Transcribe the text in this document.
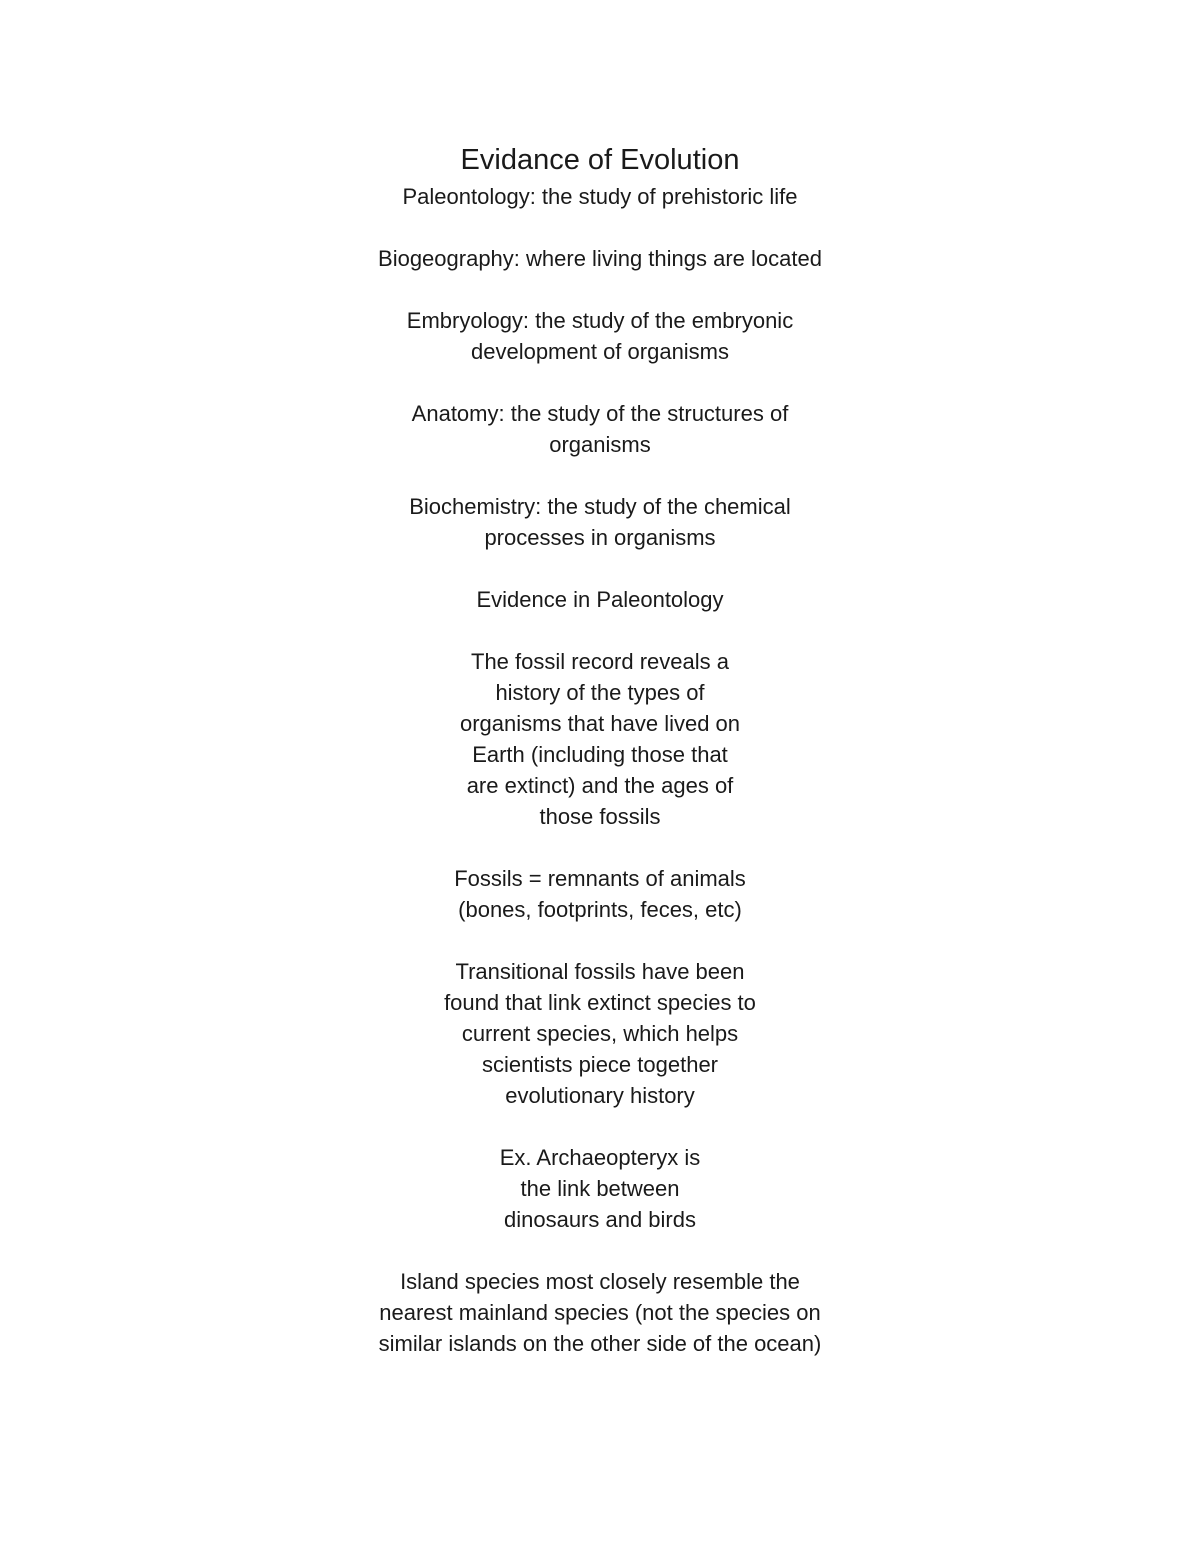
Evidance of Evolution
Paleontology: the study of prehistoric life
Biogeography: where living things are located
Embryology: the study of the embryonic
development of organisms
Anatomy: the study of the structures of
organisms
Biochemistry: the study of the chemical
processes in organisms
Evidence in Paleontology
The fossil record reveals a
history of the types of
organisms that have lived on
Earth (including those that
are extinct) and the ages of
those fossils
Fossils = remnants of animals
(bones, footprints, feces, etc)
Transitional fossils have been
found that link extinct species to
current species, which helps
scientists piece together
evolutionary history
Ex. Archaeopteryx is
the link between
dinosaurs and birds
Island species most closely resemble the
nearest mainland species (not the species on
similar islands on the other side of the ocean)
